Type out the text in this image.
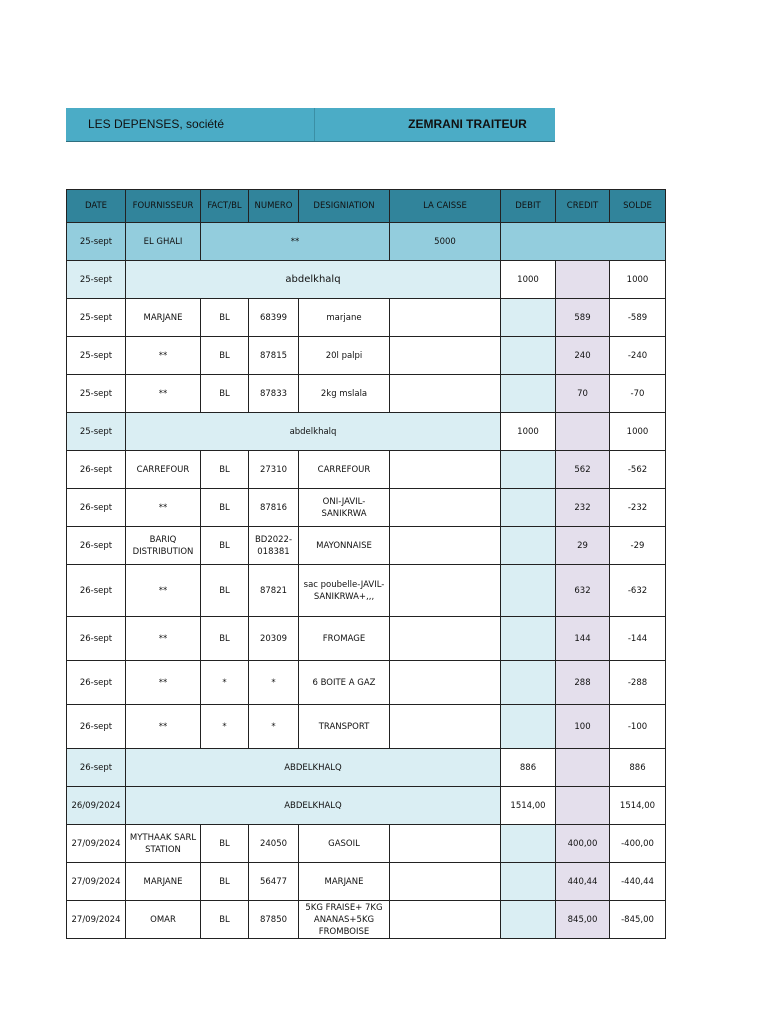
LES DEPENSES, société	ZEMRANI TRAITEUR
DATE	FOURNISSEUR	FACT/BL	NUMERO	DESIGNIATION	LA CAISSE	DEBIT	CREDIT	SOLDE
25-sept	EL GHALI	**			5000			
25-sept	abdelkhalq					1000		1000
25-sept	MARJANE	BL	68399	marjane			589	-589
25-sept	**	BL	87815	20l palpi			240	-240
25-sept	**	BL	87833	2kg mslala			70	-70
25-sept	abdelkhalq					1000		1000
26-sept	CARREFOUR	BL	27310	CARREFOUR			562	-562
26-sept	**	BL	87816	ONI-JAVIL-SANIKRWA			232	-232
26-sept	BARIQ DISTRIBUTION	BL	BD2022-018381	MAYONNAISE			29	-29
26-sept	**	BL	87821	sac poubelle-JAVIL-SANIKRWA+,,,			632	-632
26-sept	**	BL	20309	FROMAGE			144	-144
26-sept	**	*	*	6 BOITE A GAZ			288	-288
26-sept	**	*	*	TRANSPORT			100	-100
26-sept	ABDELKHALQ					886		886
26/09/2024	ABDELKHALQ					1514,00		1514,00
27/09/2024	MYTHAAK SARL STATION	BL	24050	GASOIL			400,00	-400,00
27/09/2024	MARJANE	BL	56477	MARJANE			440,44	-440,44
27/09/2024	OMAR	BL	87850	5KG FRAISE+ 7KG ANANAS+5KG FROMBOISE			845,00	-845,00
